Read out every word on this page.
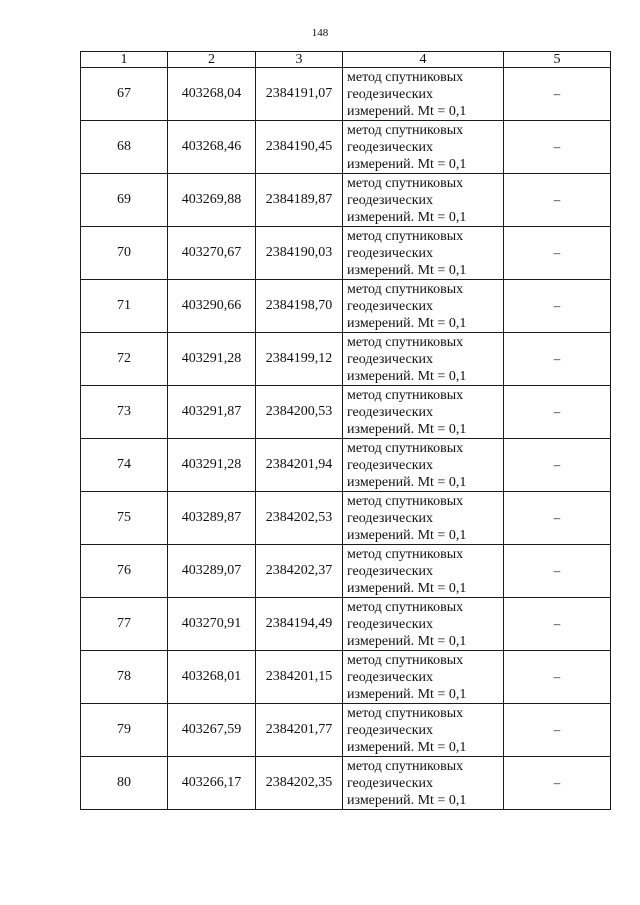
148
1	2	3	4	5
67	403268,04	2384191,07	метод спутниковых
геодезических
измерений. Mt = 0,1	–
68	403268,46	2384190,45	метод спутниковых
геодезических
измерений. Mt = 0,1	–
69	403269,88	2384189,87	метод спутниковых
геодезических
измерений. Mt = 0,1	–
70	403270,67	2384190,03	метод спутниковых
геодезических
измерений. Mt = 0,1	–
71	403290,66	2384198,70	метод спутниковых
геодезических
измерений. Mt = 0,1	–
72	403291,28	2384199,12	метод спутниковых
геодезических
измерений. Mt = 0,1	–
73	403291,87	2384200,53	метод спутниковых
геодезических
измерений. Mt = 0,1	–
74	403291,28	2384201,94	метод спутниковых
геодезических
измерений. Mt = 0,1	–
75	403289,87	2384202,53	метод спутниковых
геодезических
измерений. Mt = 0,1	–
76	403289,07	2384202,37	метод спутниковых
геодезических
измерений. Mt = 0,1	–
77	403270,91	2384194,49	метод спутниковых
геодезических
измерений. Mt = 0,1	–
78	403268,01	2384201,15	метод спутниковых
геодезических
измерений. Mt = 0,1	–
79	403267,59	2384201,77	метод спутниковых
геодезических
измерений. Mt = 0,1	–
80	403266,17	2384202,35	метод спутниковых
геодезических
измерений. Mt = 0,1	–
